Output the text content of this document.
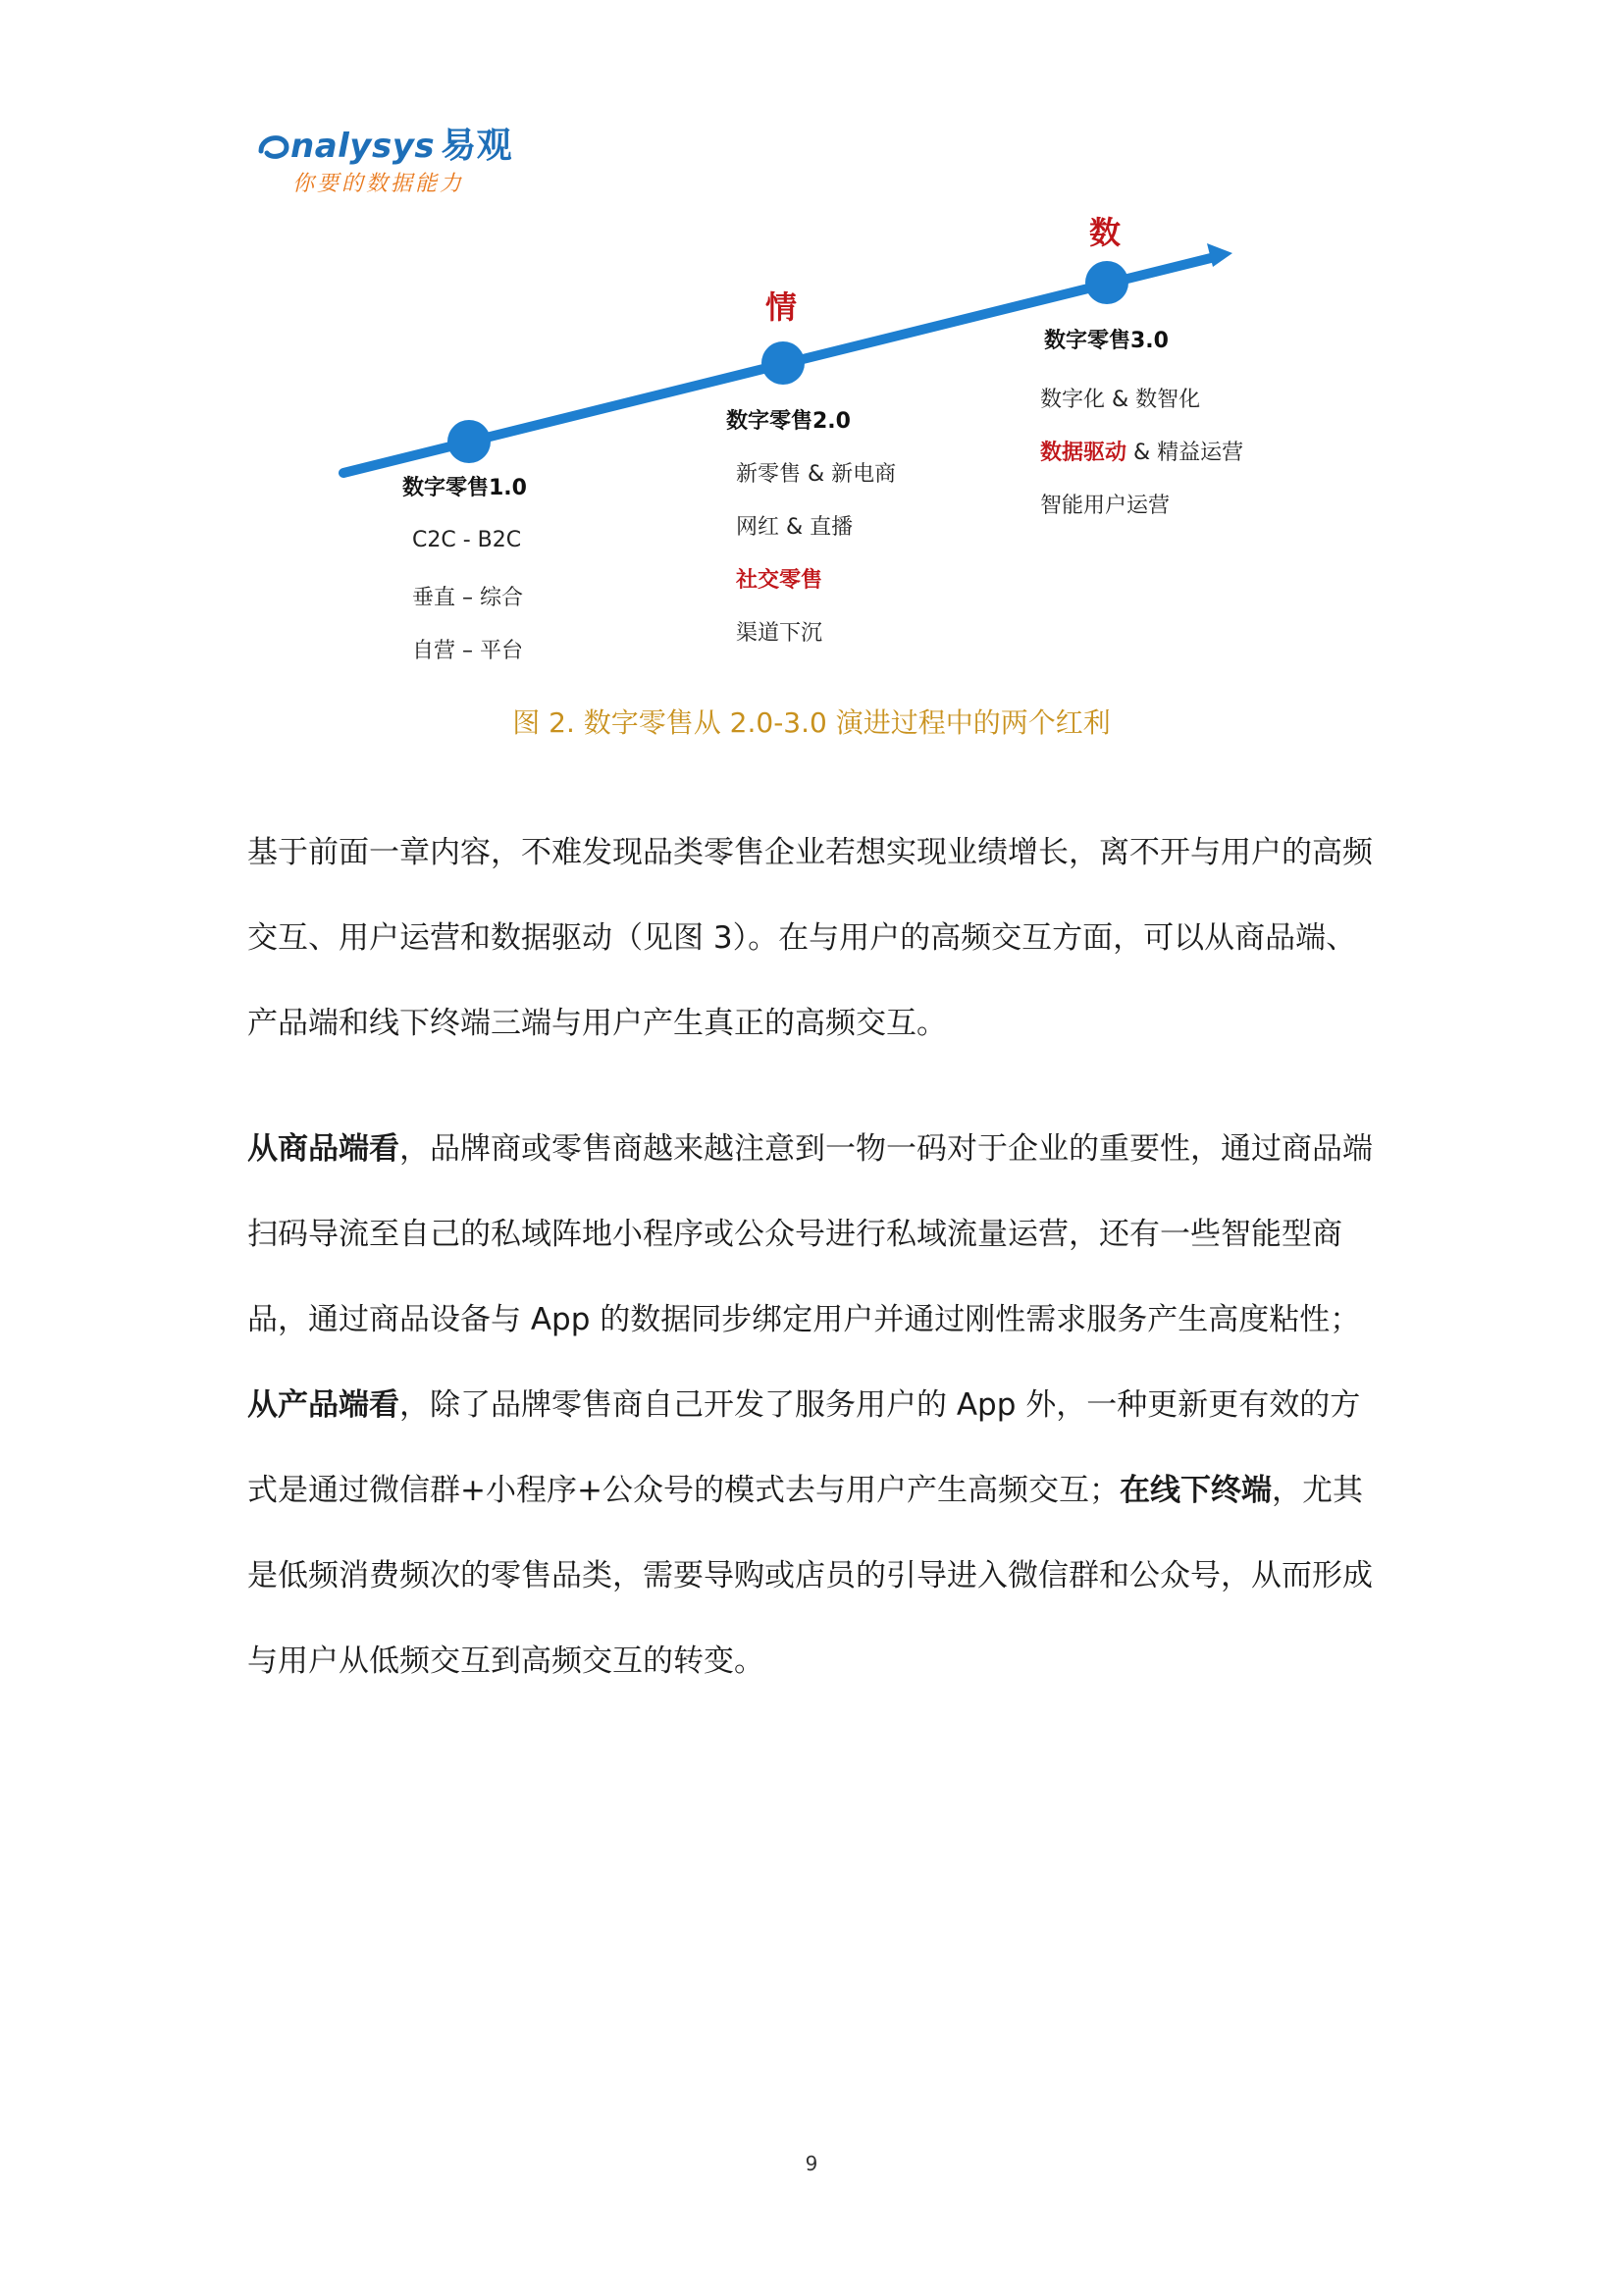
nalysys 易观
你要的数据能力
数字零售1.0
C2C - B2C
垂直 – 综合
自营 – 平台
情
数字零售2.0
新零售 & 新电商
网红 & 直播
社交零售
渠道下沉
数
数字零售3.0
数字化 & 数智化
数据驱动 & 精益运营
智能用户运营
图 2. 数字零售从 2.0-3.0 演进过程中的两个红利
基于前面一章内容，不难发现品类零售企业若想实现业绩增长，离不开与用户的高频交互、用户运营和数据驱动（见图 3）。在与用户的高频交互方面，可以从商品端、产品端和线下终端三端与用户产生真正的高频交互。
从商品端看，品牌商或零售商越来越注意到一物一码对于企业的重要性，通过商品端扫码导流至自己的私域阵地小程序或公众号进行私域流量运营，还有一些智能型商品，通过商品设备与 App 的数据同步绑定用户并通过刚性需求服务产生高度粘性；从产品端看，除了品牌零售商自己开发了服务用户的 App 外，一种更新更有效的方式是通过微信群+小程序+公众号的模式去与用户产生高频交互；在线下终端，尤其是低频消费频次的零售品类，需要导购或店员的引导进入微信群和公众号，从而形成与用户从低频交互到高频交互的转变。
9
